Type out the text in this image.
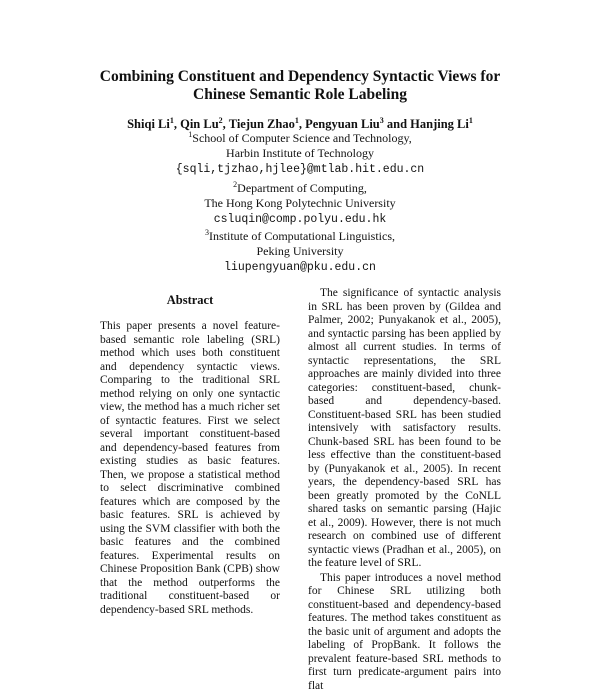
Combining Constituent and Dependency Syntactic Views for
Chinese Semantic Role Labeling
Shiqi Li$^1$, Qin Lu$^2$, Tiejun Zhao$^1$, Pengyuan Liu$^3$ and Hanjing Li$^1$
$^1$School of Computer Science and Technology,
Harbin Institute of Technology
{sqli,tjzhao,hjlee}@mtlab.hit.edu.cn
$^2$Department of Computing,
The Hong Kong Polytechnic University
csluqin@comp.polyu.edu.hk
$^3$Institute of Computational Linguistics,
Peking University
liupengyuan@pku.edu.cn
Abstract

This paper presents a novel feature-based semantic role labeling (SRL) method which uses both constituent and dependency syntactic views. Comparing to the traditional SRL method relying on only one syntactic view, the method has a much richer set of syntactic features. First we select several important constituent-based and dependency-based features from existing studies as basic features. Then, we propose a statistical method to select discriminative combined features which are composed by the basic features. SRL is achieved by using the SVM classifier with both the basic features and the combined features. Experimental results on Chinese Proposition Bank (CPB) show that the method outperforms the traditional constituent-based or dependency-based SRL methods.

The significance of syntactic analysis in SRL has been proven by (Gildea and Palmer, 2002; Punyakanok et al., 2005), and syntactic parsing has been applied by almost all current studies. In terms of syntactic representations, the SRL approaches are mainly divided into three categories: constituent-based, chunk-based and dependency-based. Constituent-based SRL has been studied intensively with satisfactory results. Chunk-based SRL has been found to be less effective than the constituent-based by (Punyakanok et al., 2005). In recent years, the dependency-based SRL has been greatly promoted by the CoNLL shared tasks on semantic parsing (Hajic et al., 2009). However, there is not much research on combined use of different syntactic views (Pradhan et al., 2005), on the feature level of SRL.

This paper introduces a novel method for Chinese SRL utilizing both constituent-based and dependency-based features. The method takes constituent as the basic unit of argument and adopts the labeling of PropBank. It follows the prevalent feature-based SRL methods to first turn predicate-argument pairs into flat
